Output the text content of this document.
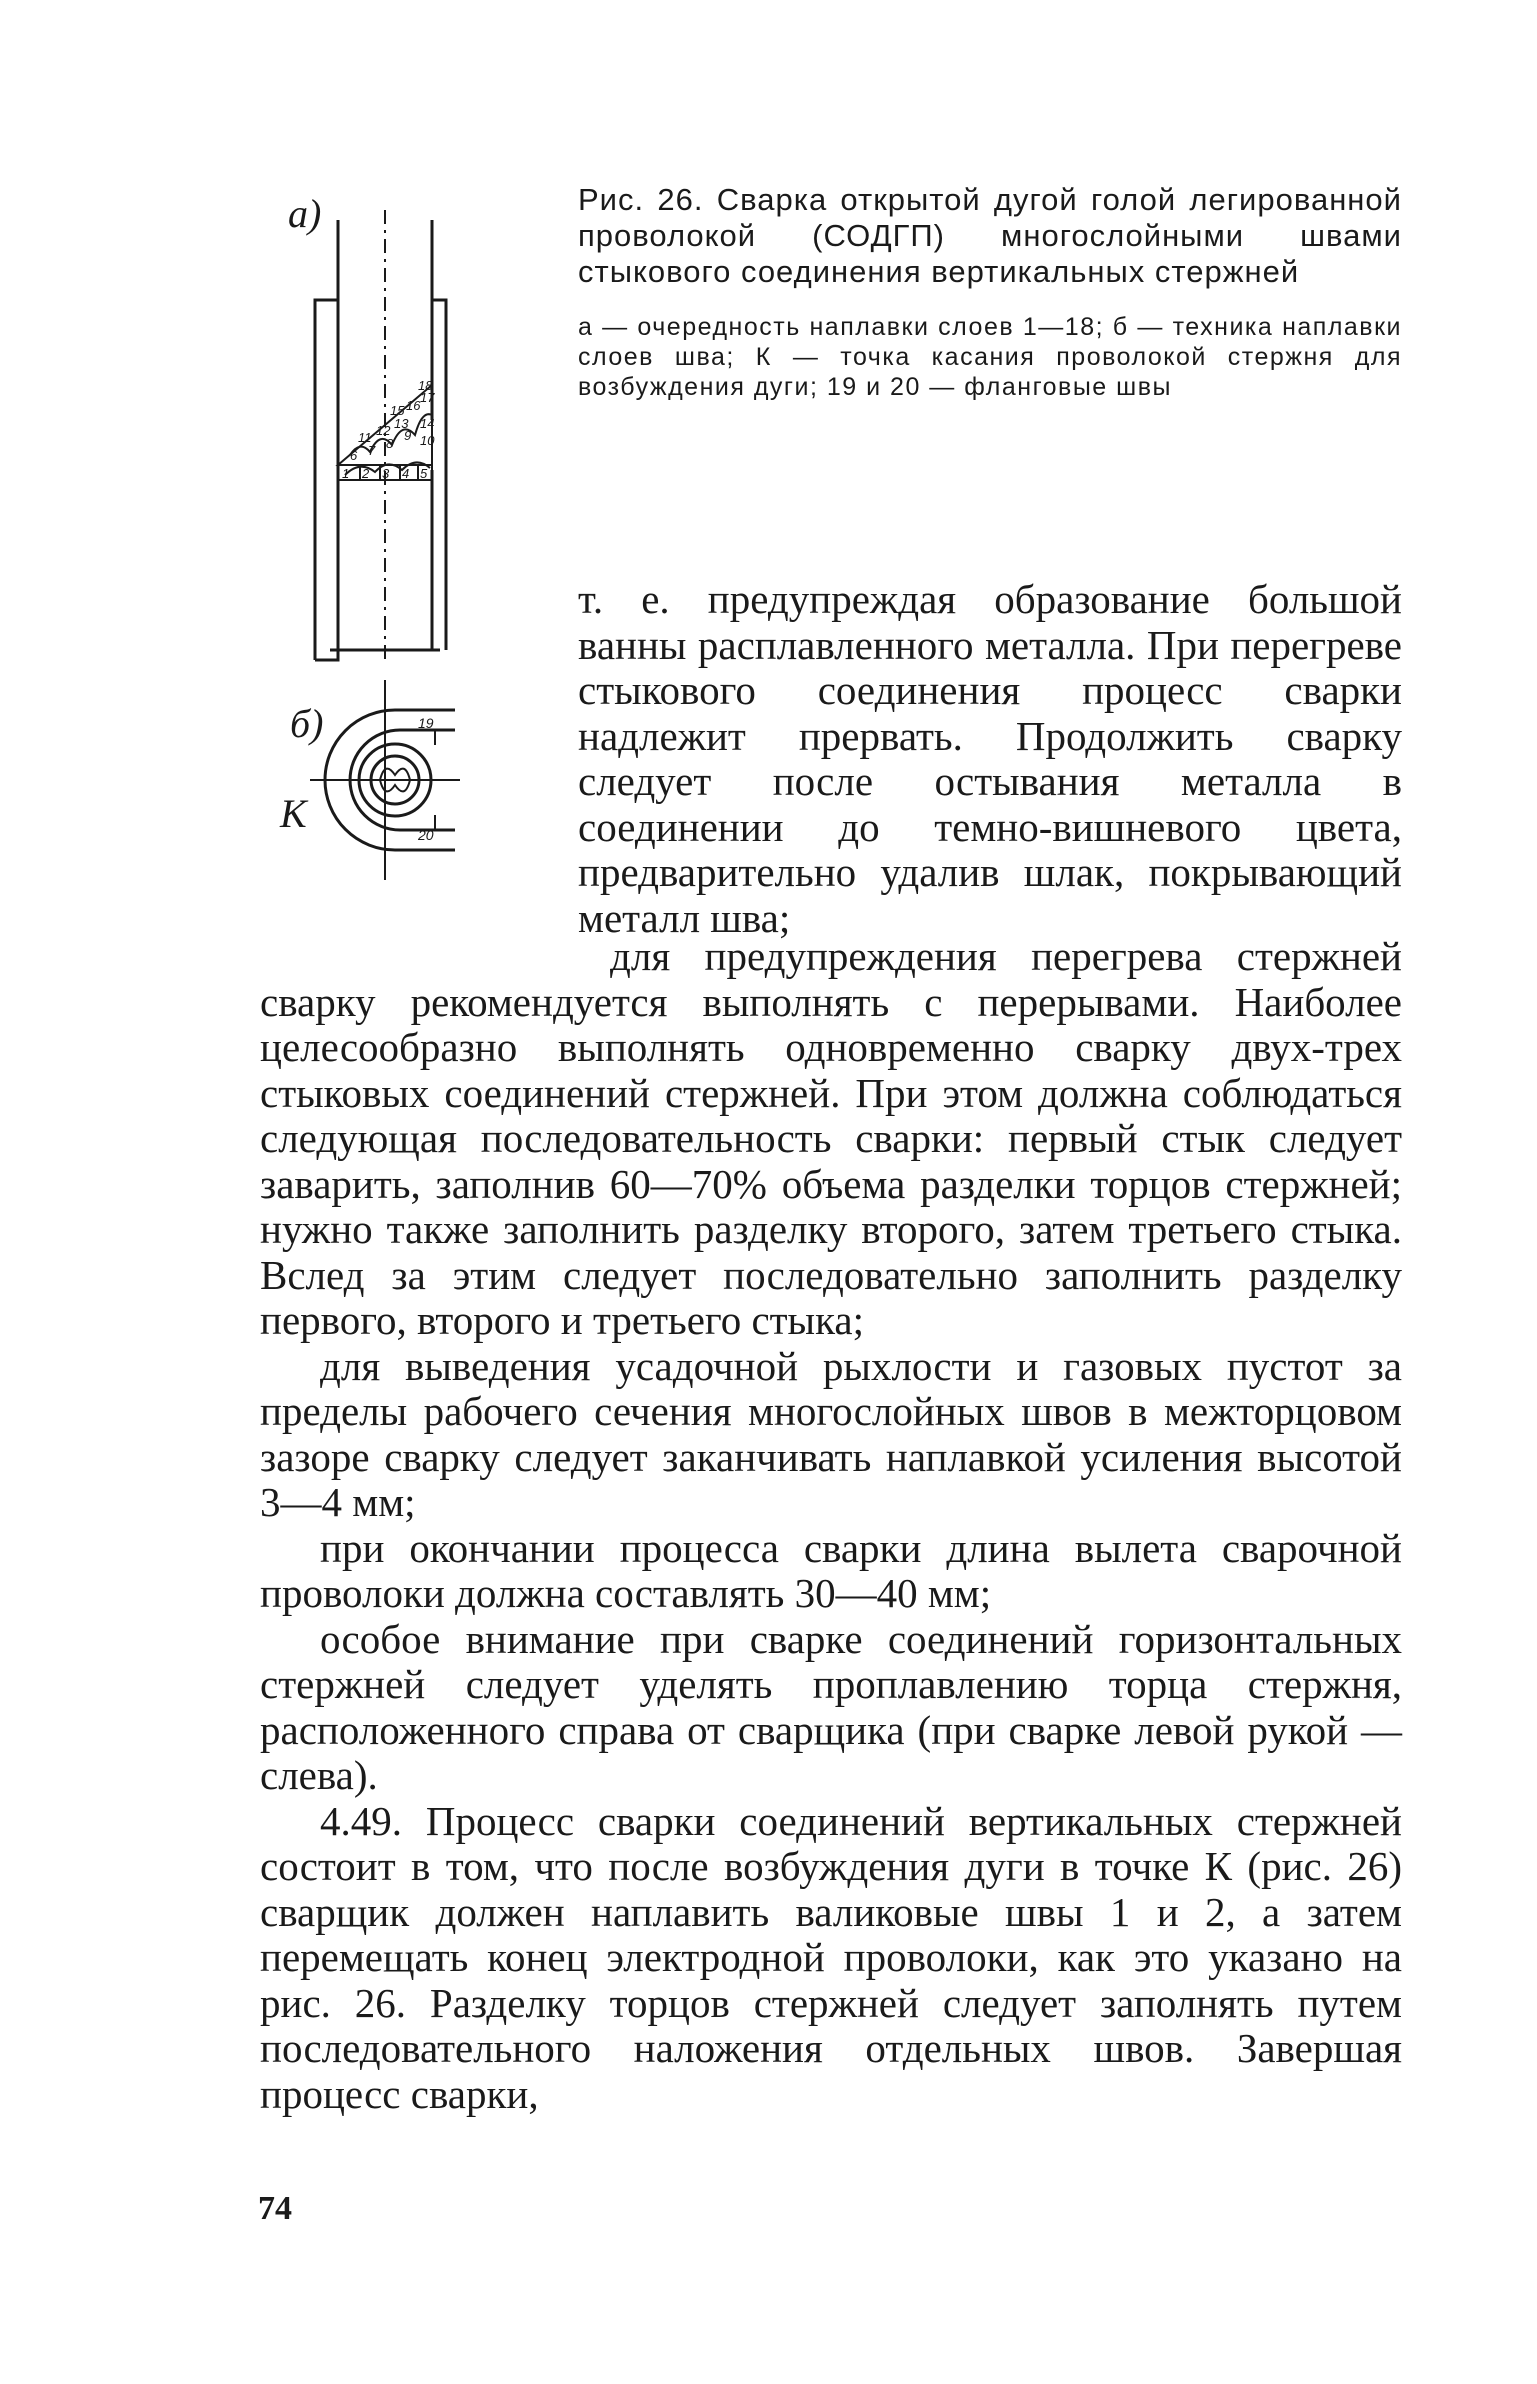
1 2 3 4 5
6 7 8
9 10
11 12 13 14
15 16
17
18
19
20
а)
б)
К

Рис. 26. Сварка открытой дугой голой легированной проволокой (СОДГП) многослойными швами стыкового соединения вертикальных стержней

а — очередность наплавки слоев 1—18; б — техника наплавки слоев шва; К — точка касания проволокой стержня для возбуждения дуги; 19 и 20 — фланговые швы

т. е. предупреждая образование большой ванны расплавленного металла. При перегреве стыкового соединения процесс сварки надлежит прервать. Продолжить сварку следует после остывания металла в соединении до темно-вишневого цвета, предварительно удалив шлак, покрывающий металл шва;

для предупреждения перегрева стержней сварку рекомендуется выполнять с перерывами. Наиболее целесообразно выполнять одновременно сварку двух-трех стыковых соединений стержней. При этом должна соблюдаться следующая последовательность сварки: первый стык следует заварить, заполнив 60—70% объема разделки торцов стержней; нужно также заполнить разделку второго, затем третьего стыка. Вслед за этим следует последовательно заполнить разделку первого, второго и третьего стыка;

для выведения усадочной рыхлости и газовых пустот за пределы рабочего сечения многослойных швов в межторцовом зазоре сварку следует заканчивать наплавкой усиления высотой 3—4 мм;

при окончании процесса сварки длина вылета сварочной проволоки должна составлять 30—40 мм;

особое внимание при сварке соединений горизонтальных стержней следует уделять проплавлению торца стержня, расположенного справа от сварщика (при сварке левой рукой — слева).

4.49. Процесс сварки соединений вертикальных стержней состоит в том, что после возбуждения дуги в точке К (рис. 26) сварщик должен наплавить валиковые швы 1 и 2, а затем перемещать конец электродной проволоки, как это указано на рис. 26. Разделку торцов стержней следует заполнять путем последовательного наложения отдельных швов. Завершая процесс сварки,

74
